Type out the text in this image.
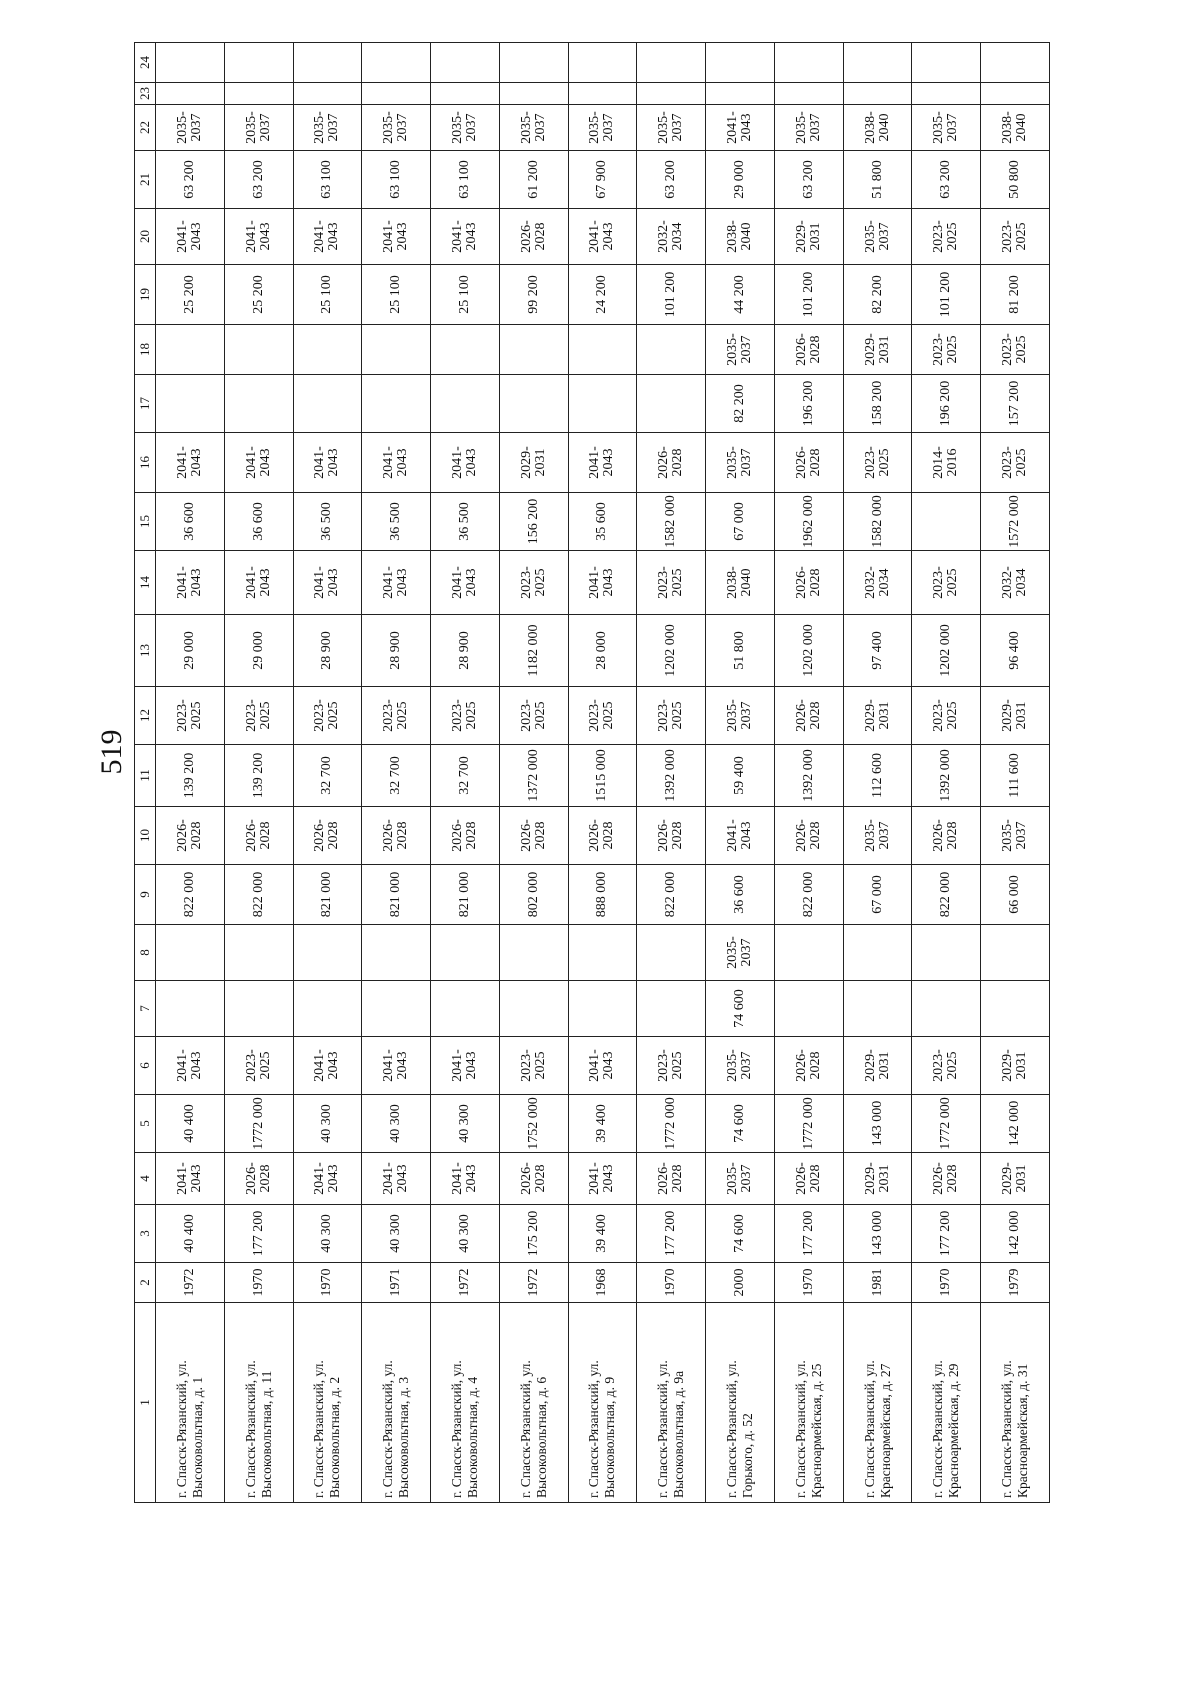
519
1	2	3	4	5	6	7	8	9	10	11	12	13	14	15	16	17	18	19	20	21	22	23	24
г. Спасск-Рязанский, ул. Высоковольтная, д. 1	1972	40 400	2041-2043	40 400	2041-2043			822 000	2026-2028	139 200	2023-2025	29 000	2041-2043	36 600	2041-2043			25 200	2041-2043	63 200	2035-2037		
г. Спасск-Рязанский, ул. Высоковольтная, д. 11	1970	177 200	2026-2028	1772 000	2023-2025			822 000	2026-2028	139 200	2023-2025	29 000	2041-2043	36 600	2041-2043			25 200	2041-2043	63 200	2035-2037		
г. Спасск-Рязанский, ул. Высоковольтная, д. 2	1970	40 300	2041-2043	40 300	2041-2043			821 000	2026-2028	32 700	2023-2025	28 900	2041-2043	36 500	2041-2043			25 100	2041-2043	63 100	2035-2037		
г. Спасск-Рязанский, ул. Высоковольтная, д. 3	1971	40 300	2041-2043	40 300	2041-2043			821 000	2026-2028	32 700	2023-2025	28 900	2041-2043	36 500	2041-2043			25 100	2041-2043	63 100	2035-2037		
г. Спасск-Рязанский, ул. Высоковольтная, д. 4	1972	40 300	2041-2043	40 300	2041-2043			821 000	2026-2028	32 700	2023-2025	28 900	2041-2043	36 500	2041-2043			25 100	2041-2043	63 100	2035-2037		
г. Спасск-Рязанский, ул. Высоковольтная, д. 6	1972	175 200	2026-2028	1752 000	2023-2025			802 000	2026-2028	1372 000	2023-2025	1182 000	2023-2025	156 200	2029-2031			99 200	2026-2028	61 200	2035-2037		
г. Спасск-Рязанский, ул. Высоковольтная, д. 9	1968	39 400	2041-2043	39 400	2041-2043			888 000	2026-2028	1515 000	2023-2025	28 000	2041-2043	35 600	2041-2043			24 200	2041-2043	67 900	2035-2037		
г. Спасск-Рязанский, ул. Высоковольтная, д. 9а	1970	177 200	2026-2028	1772 000	2023-2025			822 000	2026-2028	1392 000	2023-2025	1202 000	2023-2025	1582 000	2026-2028			101 200	2032-2034	63 200	2035-2037		
г. Спасск-Рязанский, ул. Горького, д. 52	2000	74 600	2035-2037	74 600	2035-2037	74 600	2035-2037	36 600	2041-2043	59 400	2035-2037	51 800	2038-2040	67 000	2035-2037	82 200	2035-2037	44 200	2038-2040	29 000	2041-2043		
г. Спасск-Рязанский, ул. Красноармейская, д. 25	1970	177 200	2026-2028	1772 000	2026-2028			822 000	2026-2028	1392 000	2026-2028	1202 000	2026-2028	1962 000	2026-2028	196 200	2026-2028	101 200	2029-2031	63 200	2035-2037		
г. Спасск-Рязанский, ул. Красноармейская, д. 27	1981	143 000	2029-2031	143 000	2029-2031			67 000	2035-2037	112 600	2029-2031	97 400	2032-2034	1582 000	2023-2025	158 200	2029-2031	82 200	2035-2037	51 800	2038-2040		
г. Спасск-Рязанский, ул. Красноармейская, д. 29	1970	177 200	2026-2028	1772 000	2023-2025			822 000	2026-2028	1392 000	2023-2025	1202 000	2023-2025		2014-2016	196 200	2023-2025	101 200	2023-2025	63 200	2035-2037		
г. Спасск-Рязанский, ул. Красноармейская, д. 31	1979	142 000	2029-2031	142 000	2029-2031			66 000	2035-2037	111 600	2029-2031	96 400	2032-2034	1572 000	2023-2025	157 200	2023-2025	81 200	2023-2025	50 800	2038-2040		
